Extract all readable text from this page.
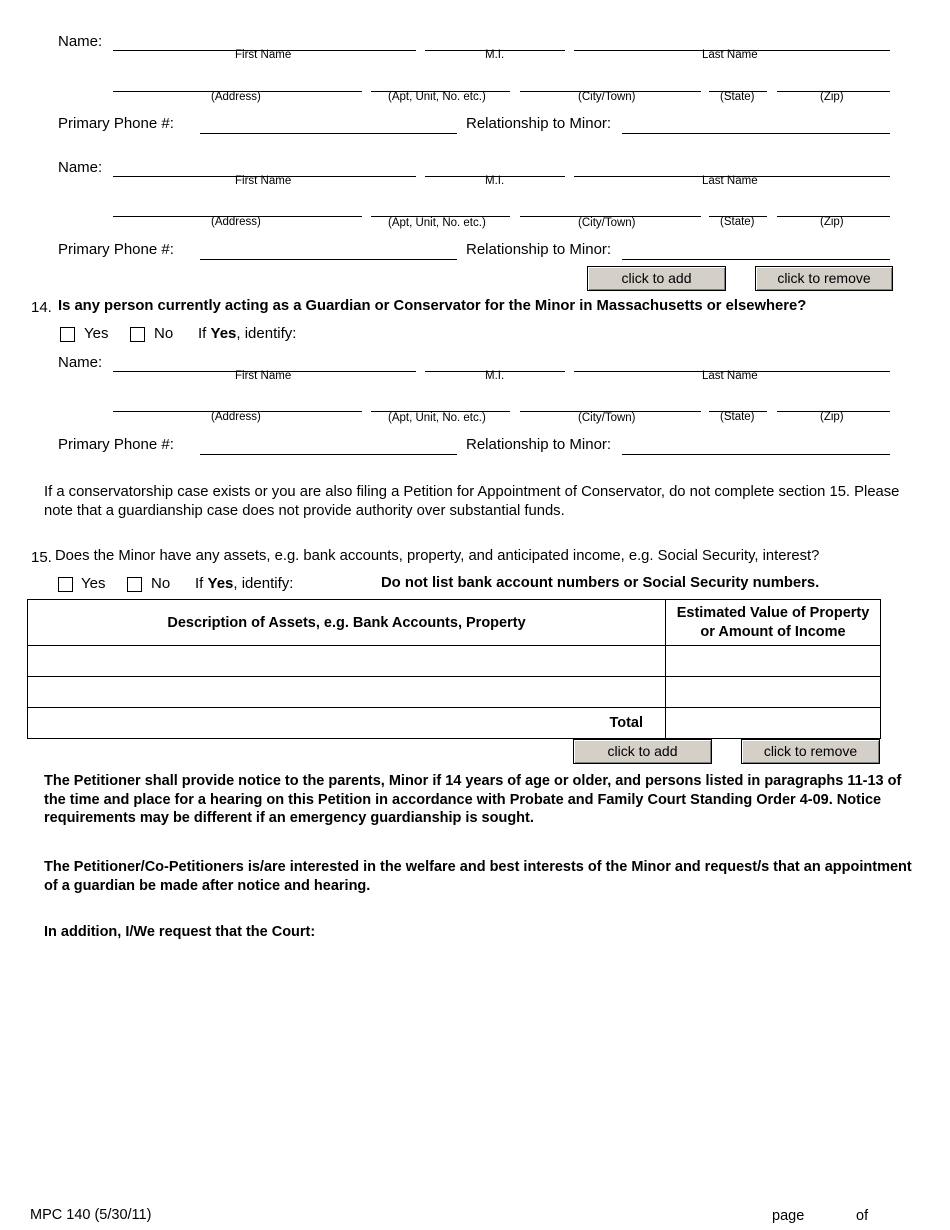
Name:
First Name	M.I.	Last Name
(Address)	(Apt, Unit, No. etc.)	(City/Town)	(State)	(Zip)
Primary Phone #:	Relationship to Minor:
Name:
First Name	M.I.	Last Name
(Address)	(Apt, Unit, No. etc.)	(City/Town)	(State)	(Zip)
Primary Phone #:	Relationship to Minor:
click to add	click to remove
14. Is any person currently acting as a Guardian or Conservator for the Minor in Massachusetts or elsewhere?
Yes	No If Yes, identify:
Name:
First Name	M.I.	Last Name
(Address)	(Apt, Unit, No. etc.)	(City/Town)	(State)	(Zip)
Primary Phone #:	Relationship to Minor:
If a conservatorship case exists or you are also filing a Petition for Appointment of Conservator, do not complete section 15. Please note that a guardianship case does not provide authority over substantial funds.
15. Does the Minor have any assets, e.g. bank accounts, property, and anticipated income, e.g. Social Security, interest?
Yes	No If Yes, identify:	Do not list bank account numbers or Social Security numbers.
Description of Assets, e.g. Bank Accounts, Property	Estimated Value of Property
or Amount of Income

Total	
click to add	click to remove
The Petitioner shall provide notice to the parents, Minor if 14 years of age or older, and persons listed in paragraphs 11-13 of the time and place for a hearing on this Petition in accordance with Probate and Family Court Standing Order 4-09. Notice requirements may be different if an emergency guardianship is sought.
The Petitioner/Co-Petitioners is/are interested in the welfare and best interests of the Minor and request/s that an appointment of a guardian be made after notice and hearing.
In addition, I/We request that the Court:
MPC 140 (5/30/11)	page	of
